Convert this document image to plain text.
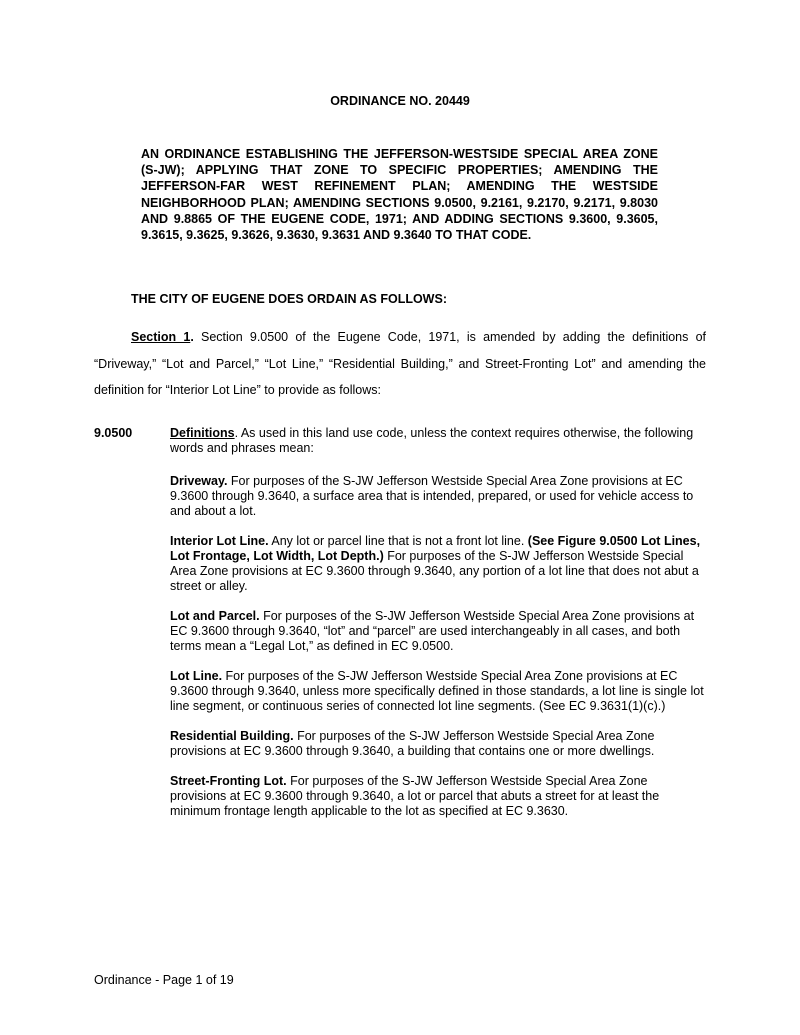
ORDINANCE NO. 20449
AN ORDINANCE ESTABLISHING THE JEFFERSON-WESTSIDE SPECIAL AREA ZONE (S-JW); APPLYING THAT ZONE TO SPECIFIC PROPERTIES; AMENDING THE JEFFERSON-FAR WEST REFINEMENT PLAN; AMENDING THE WESTSIDE NEIGHBORHOOD PLAN; AMENDING SECTIONS 9.0500, 9.2161, 9.2170, 9.2171, 9.8030 AND 9.8865 OF THE EUGENE CODE, 1971; AND ADDING SECTIONS 9.3600, 9.3605, 9.3615, 9.3625, 9.3626, 9.3630, 9.3631 AND 9.3640 TO THAT CODE.
THE CITY OF EUGENE DOES ORDAIN AS FOLLOWS:
Section 1. Section 9.0500 of the Eugene Code, 1971, is amended by adding the definitions of “Driveway,” “Lot and Parcel,” “Lot Line,” “Residential Building,” and Street-Fronting Lot” and amending the definition for “Interior Lot Line” to provide as follows:
9.0500	Definitions. As used in this land use code, unless the context requires otherwise, the following words and phrases mean:
Driveway. For purposes of the S-JW Jefferson Westside Special Area Zone provisions at EC 9.3600 through 9.3640, a surface area that is intended, prepared, or used for vehicle access to and about a lot.
Interior Lot Line. Any lot or parcel line that is not a front lot line. (See Figure 9.0500 Lot Lines, Lot Frontage, Lot Width, Lot Depth.) For purposes of the S-JW Jefferson Westside Special Area Zone provisions at EC 9.3600 through 9.3640, any portion of a lot line that does not abut a street or alley.
Lot and Parcel. For purposes of the S-JW Jefferson Westside Special Area Zone provisions at EC 9.3600 through 9.3640, “lot” and “parcel” are used interchangeably in all cases, and both terms mean a “Legal Lot,” as defined in EC 9.0500.
Lot Line. For purposes of the S-JW Jefferson Westside Special Area Zone provisions at EC 9.3600 through 9.3640, unless more specifically defined in those standards, a lot line is single lot line segment, or continuous series of connected lot line segments. (See EC 9.3631(1)(c).)
Residential Building. For purposes of the S-JW Jefferson Westside Special Area Zone provisions at EC 9.3600 through 9.3640, a building that contains one or more dwellings.
Street-Fronting Lot. For purposes of the S-JW Jefferson Westside Special Area Zone provisions at EC 9.3600 through 9.3640, a lot or parcel that abuts a street for at least the minimum frontage length applicable to the lot as specified at EC 9.3630.
Ordinance - Page 1 of 19
